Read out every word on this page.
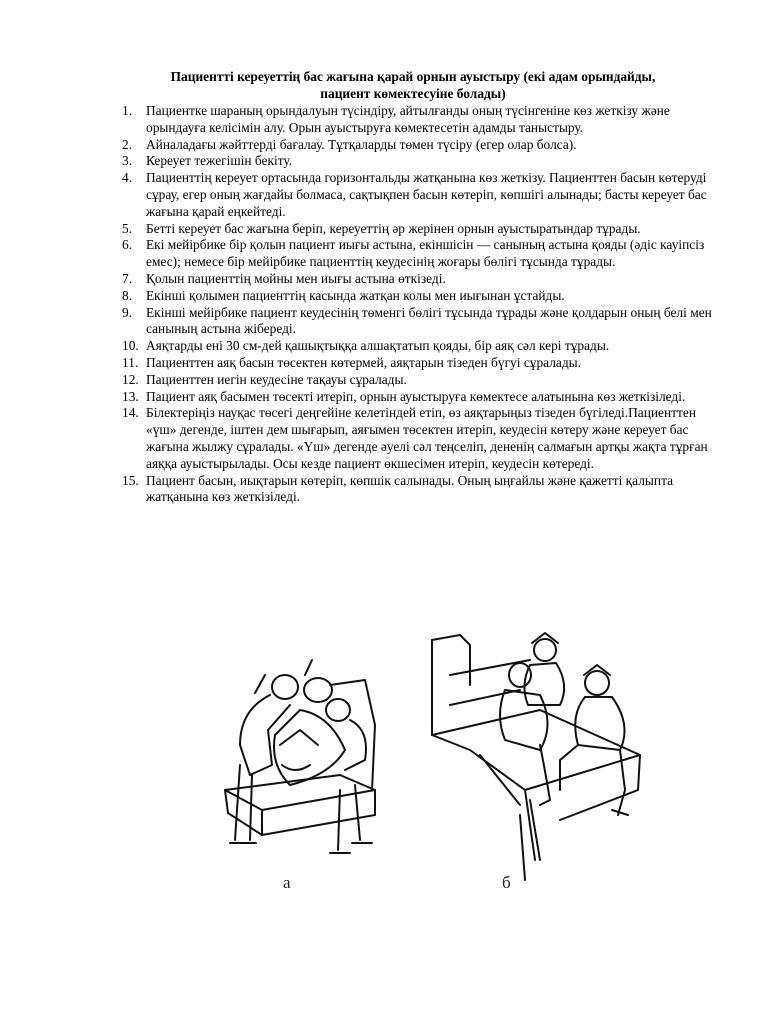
Пациентті кереуеттің бас жағына қарай орнын ауыстыру (екі адам орындайды,
пациент көмектесуіне болады)
1. Пациентке шараның орындалуын түсіндіру, айтылғанды оның түсінгеніне көз жеткізу және орындауға келісімін алу. Орын ауыстыруға көмектесетін адамды таныстыру.
2. Айналадағы жәйттерді бағалау. Тұтқаларды төмен түсіру (егер олар болса).
3. Кереует тежегішін бекіту.
4. Пациенттің кереует ортасында горизонтальды жатқанына көз жеткізу. Пациенттен басын көтеруді сұрау, егер оның жағдайы болмаса, сақтықпен басын көтеріп, көпшігі алынады; басты кереует бас жағына қарай еңкейтеді.
5. Бетті кереует бас жағына беріп, кереуеттің әр жерінен орнын ауыстыратындар тұрады.
6. Екі мейірбике бір қолын пациент иығы астына, екіншісін — санының астына қояды (әдіс кауіпсіз емес); немесе бір мейірбике пациенттің кеудесінің жоғары бөлігі тұсында тұрады.
7. Қолын пациенттің мойны мен иығы астына өткізеді.
8. Екінші қолымен пациенттің касында жатқан колы мен иығынан ұстайды.
9. Екінші мейірбике пациент кеудесінің төменгі бөлігі тұсында тұрады және қолдарын оның белі мен санының астына жібереді.
10. Аяқтарды ені 30 см-дей қашықтыққа алшақтатып қояды, бір аяқ сәл кері тұрады.
11. Пациенттен аяқ басын төсектен көтермей, аяқтарын тізеден бүгуі сұралады.
12. Пациенттен иегін кеудесіне тақауы сұралады.
13. Пациент аяқ басымен төсекті итеріп, орнын ауыстыруға көмектесе алатынына көз жеткізіледі.
14. Білектеріңіз науқас төсегі деңгейіне келетіндей етіп, өз аяқтарыңыз тізеден бүгіледі.Пациенттен «үш» дегенде, іштен дем шығарып, аяғымен төсектен итеріп, кеудесін көтеру және кереует бас жағына жылжу сұралады. «Үш» дегенде әуелі сәл теңселіп, дененің салмағын артқы жақта тұрған аяққа ауыстырылады. Осы кезде пациент өкшесімен итеріп, кеудесін көтереді.
15. Пациент басын, иықтарын көтеріп, көпшік салынады. Оның ыңғайлы және қажетті қалыпта жатқанына көз жеткізіледі.
а	б
